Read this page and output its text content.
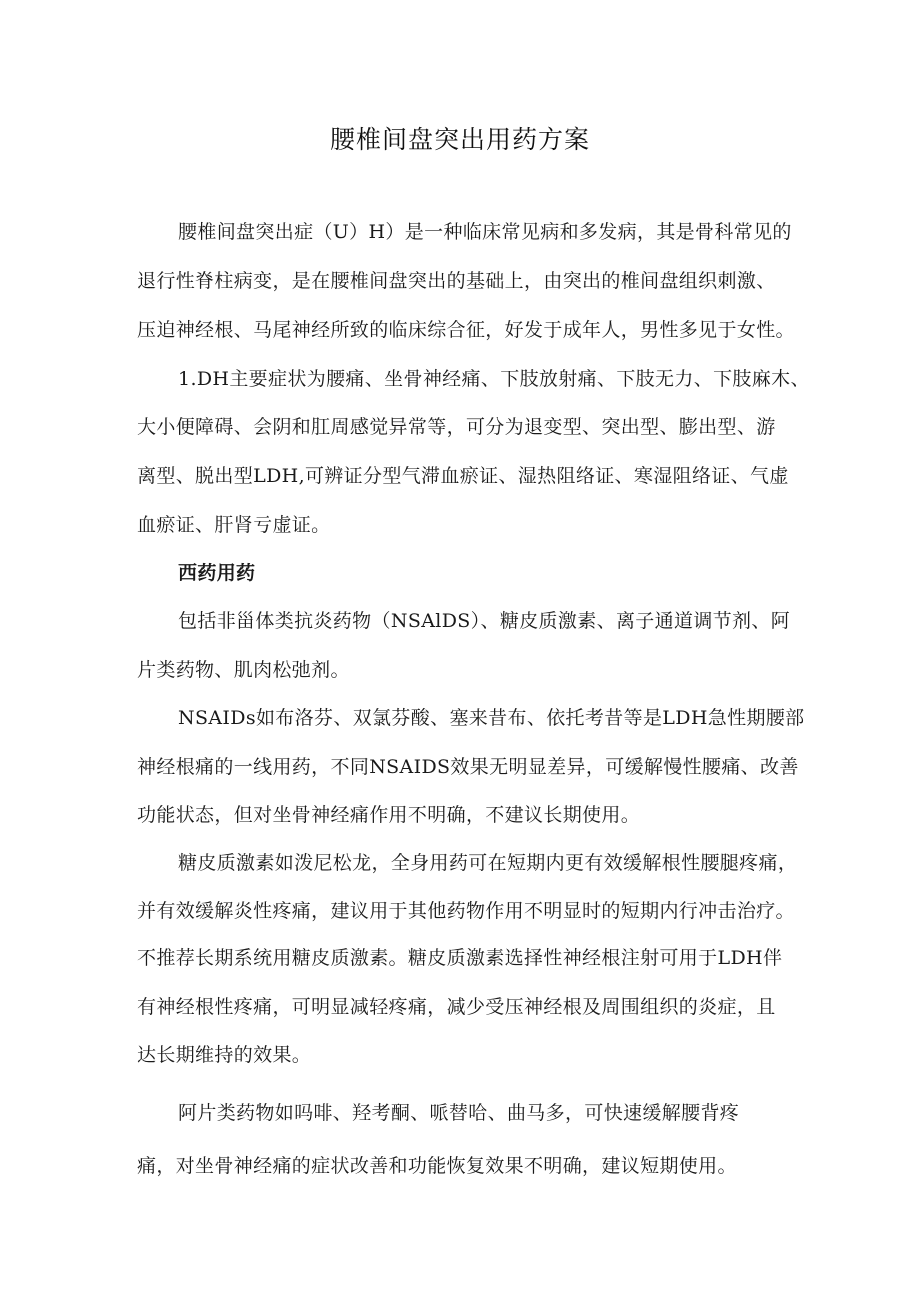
腰椎间盘突出用药方案
腰椎间盘突出症（U）H）是一种临床常见病和多发病，其是骨科常见的
退行性脊柱病变，是在腰椎间盘突出的基础上，由突出的椎间盘组织刺激、
压迫神经根、马尾神经所致的临床综合征，好发于成年人，男性多见于女性。
1.DH主要症状为腰痛、坐骨神经痛、下肢放射痛、下肢无力、下肢麻木、
大小便障碍、会阴和肛周感觉异常等，可分为退变型、突出型、膨出型、游
离型、脱出型LDH,可辨证分型气滞血瘀证、湿热阻络证、寒湿阻络证、气虚
血瘀证、肝肾亏虚证。
西药用药
包括非甾体类抗炎药物（NSAlDS）、糖皮质激素、离子通道调节剂、阿
片类药物、肌肉松弛剂。
NSAIDs如布洛芬、双氯芬酸、塞来昔布、依托考昔等是LDH急性期腰部
神经根痛的一线用药，不同NSAIDS效果无明显差异，可缓解慢性腰痛、改善
功能状态，但对坐骨神经痛作用不明确，不建议长期使用。
糖皮质激素如泼尼松龙，全身用药可在短期内更有效缓解根性腰腿疼痛，
并有效缓解炎性疼痛，建议用于其他药物作用不明显时的短期内行冲击治疗。
不推荐长期系统用糖皮质激素。糖皮质激素选择性神经根注射可用于LDH伴
有神经根性疼痛，可明显减轻疼痛，减少受压神经根及周围组织的炎症，且
达长期维持的效果。
阿片类药物如吗啡、羟考酮、哌替哈、曲马多，可快速缓解腰背疼
痛，对坐骨神经痛的症状改善和功能恢复效果不明确，建议短期使用。
